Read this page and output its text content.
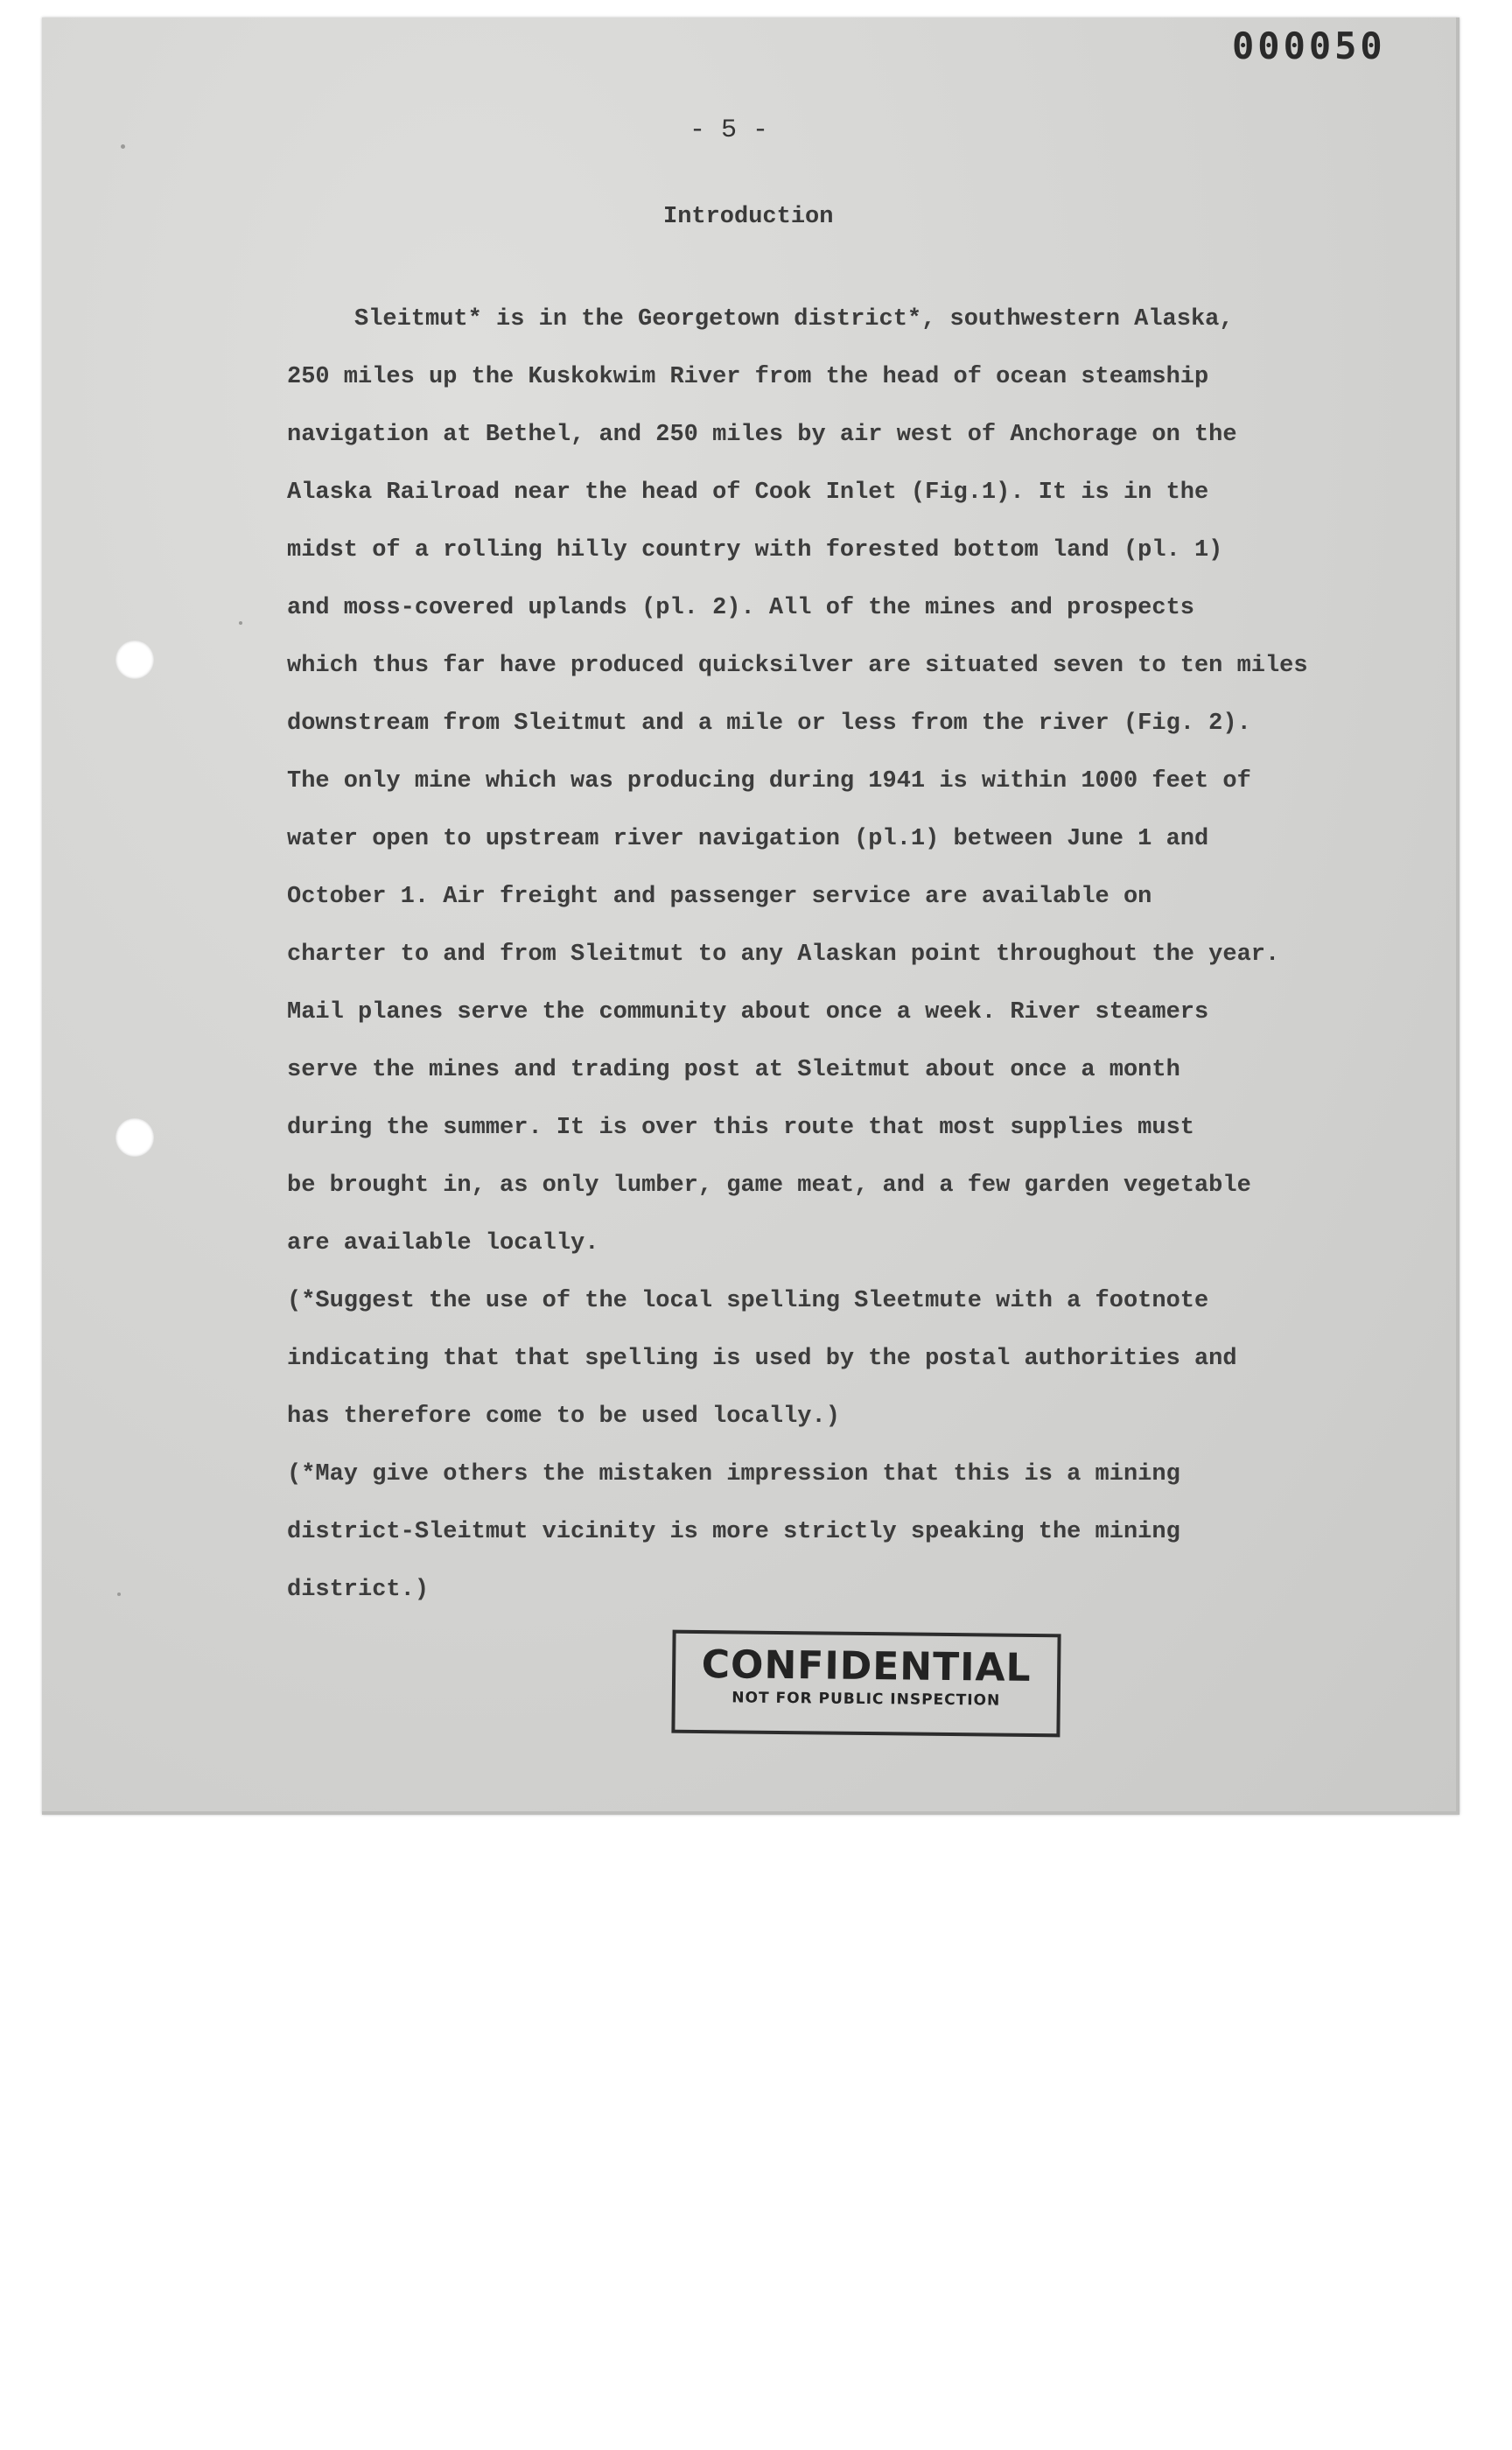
000050
- 5 -
Introduction
Sleitmut* is in the Georgetown district*, southwestern Alaska,
250 miles up the Kuskokwim River from the head of ocean steamship
navigation at Bethel, and 250 miles by air west of Anchorage on the
Alaska Railroad near the head of Cook Inlet (Fig.1). It is in the
midst of a rolling hilly country with forested bottom land (pl. 1)
and moss-covered uplands (pl. 2). All of the mines and prospects
which thus far have produced quicksilver are situated seven to ten miles
downstream from Sleitmut and a mile or less from the river (Fig. 2).
The only mine which was producing during 1941 is within 1000 feet of
water open to upstream river navigation (pl.1) between June 1 and
October 1. Air freight and passenger service are available on
charter to and from Sleitmut to any Alaskan point throughout the year.
Mail planes serve the community about once a week. River steamers
serve the mines and trading post at Sleitmut about once a month
during the summer. It is over this route that most supplies must
be brought in, as only lumber, game meat, and a few garden vegetable
are available locally.
(*Suggest the use of the local spelling Sleetmute with a footnote
indicating that that spelling is used by the postal authorities and
has therefore come to be used locally.)
(*May give others the mistaken impression that this is a mining
district-Sleitmut vicinity is more strictly speaking the mining
district.)
CONFIDENTIAL
NOT FOR PUBLIC INSPECTION
